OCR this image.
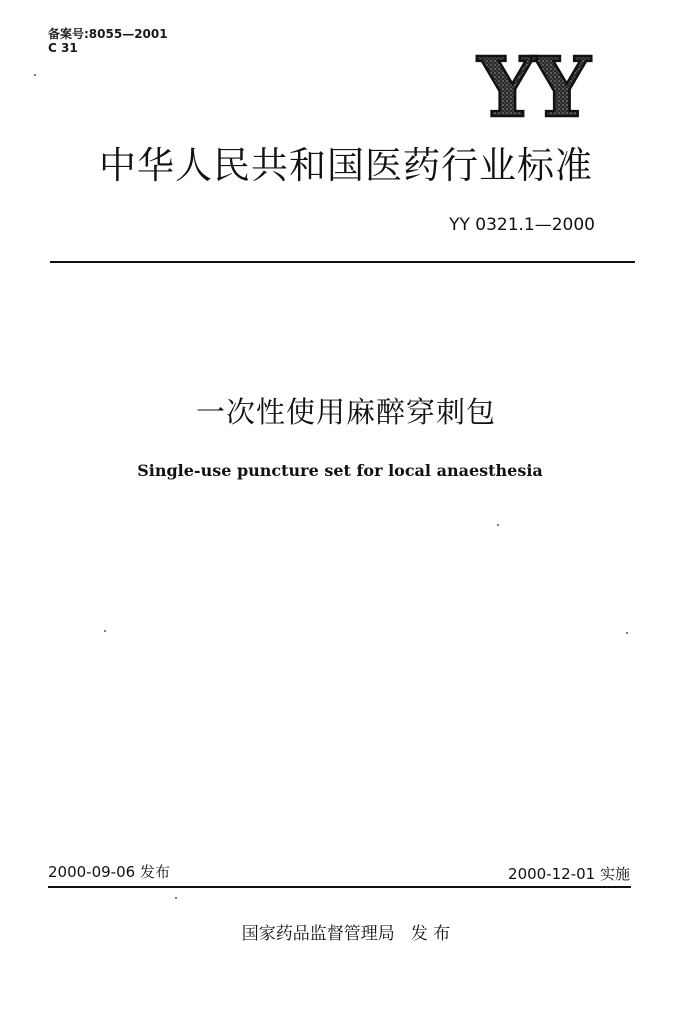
备案号:8055—2001
C 31	YY
中华人民共和国医药行业标准
YY 0321.1—2000
一次性使用麻醉穿刺包
Single-use puncture set for local anaesthesia
2000-09-06 发布	2000-12-01 实施
国家药品监督管理局 发 布
